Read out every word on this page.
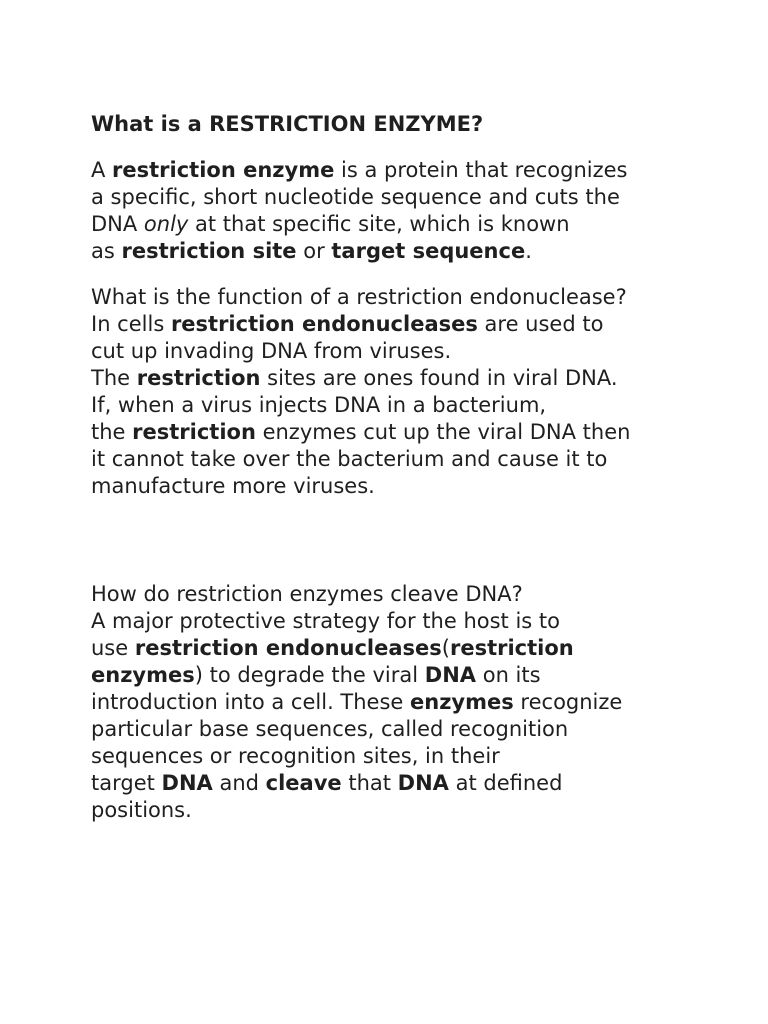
What is a RESTRICTION ENZYME?
A restriction enzyme is a protein that recognizes
a specific, short nucleotide sequence and cuts the
DNA only at that specific site, which is known
as restriction site or target sequence.
What is the function of a restriction endonuclease?
In cells restriction endonucleases are used to
cut up invading DNA from viruses.
The restriction sites are ones found in viral DNA.
If, when a virus injects DNA in a bacterium,
the restriction enzymes cut up the viral DNA then
it cannot take over the bacterium and cause it to
manufacture more viruses.
How do restriction enzymes cleave DNA?
A major protective strategy for the host is to
use restriction endonucleases(restriction
enzymes) to degrade the viral DNA on its
introduction into a cell. These enzymes recognize
particular base sequences, called recognition
sequences or recognition sites, in their
target DNA and cleave that DNA at defined
positions.
